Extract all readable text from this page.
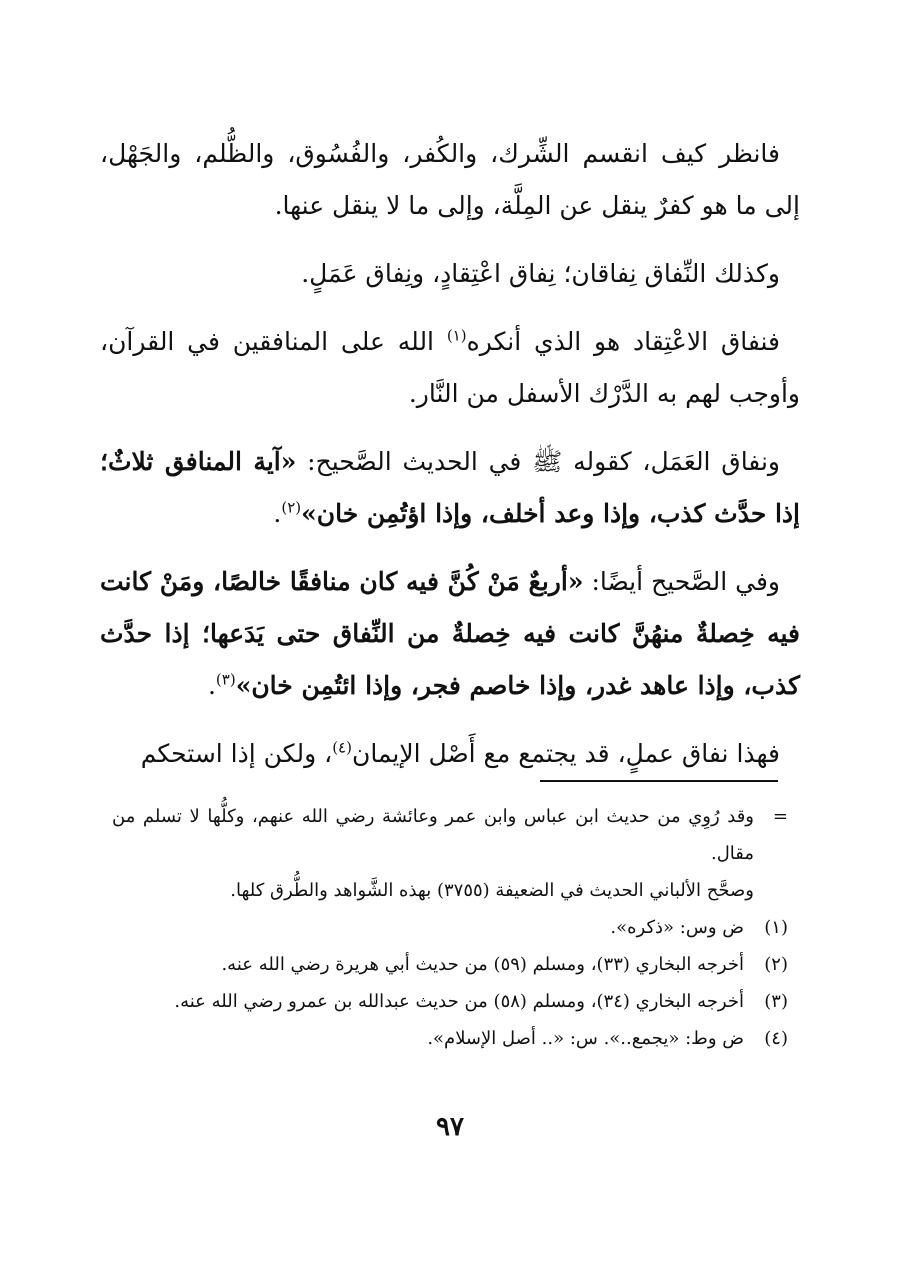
فانظر كيف انقسم الشِّرك، والكُفر، والفُسُوق، والظُّلم، والجَهْل، إلى ما هو كفرٌ ينقل عن المِلَّة، وإلى ما لا ينقل عنها.

وكذلك النِّفاق نِفاقان؛ نِفاق اعْتِقادٍ، ونِفاق عَمَلٍ.

فنفاق الاعْتِقاد هو الذي أنكره$^{(١)}$ الله على المنافقين في القرآن، وأوجب لهم به الدَّرْك الأسفل من النَّار.

ونفاق العَمَل، كقوله ﷺ في الحديث الصَّحيح: «آية المنافق ثلاثٌ؛ إذا حدَّث كذب، وإذا وعد أخلف، وإذا اؤتُمِن خان»$^{(٢)}$.

وفي الصَّحيح أيضًا: «أربعٌ مَنْ كُنَّ فيه كان منافقًا خالصًا، ومَنْ كانت فيه خِصلةٌ منهُنَّ كانت فيه خِصلةٌ من النِّفاق حتى يَدَعها؛ إذا حدَّث كذب، وإذا عاهد غدر، وإذا خاصم فجر، وإذا ائتُمِن خان»$^{(٣)}$.

فهذا نفاق عملٍ، قد يجتمع مع أَصْل الإيمان$^{(٤)}$، ولكن إذا استحكم

=
وقد رُوِي من حديث ابن عباس وابن عمر وعائشة رضي الله عنهم، وكلُّها لا تسلم من مقال.

وصحَّح الألباني الحديث في الضعيفة (٣٧٥٥) بهذه الشَّواهد والطُّرق كلها.

(١)
ض وس: «ذكره».
(٢)
أخرجه البخاري (٣٣)، ومسلم (٥٩) من حديث أبي هريرة رضي الله عنه.
(٣)
أخرجه البخاري (٣٤)، ومسلم (٥٨) من حديث عبدالله بن عمرو رضي الله عنه.
(٤)
ض وط: «يجمع..». س: «.. أصل الإسلام».
٩٧
